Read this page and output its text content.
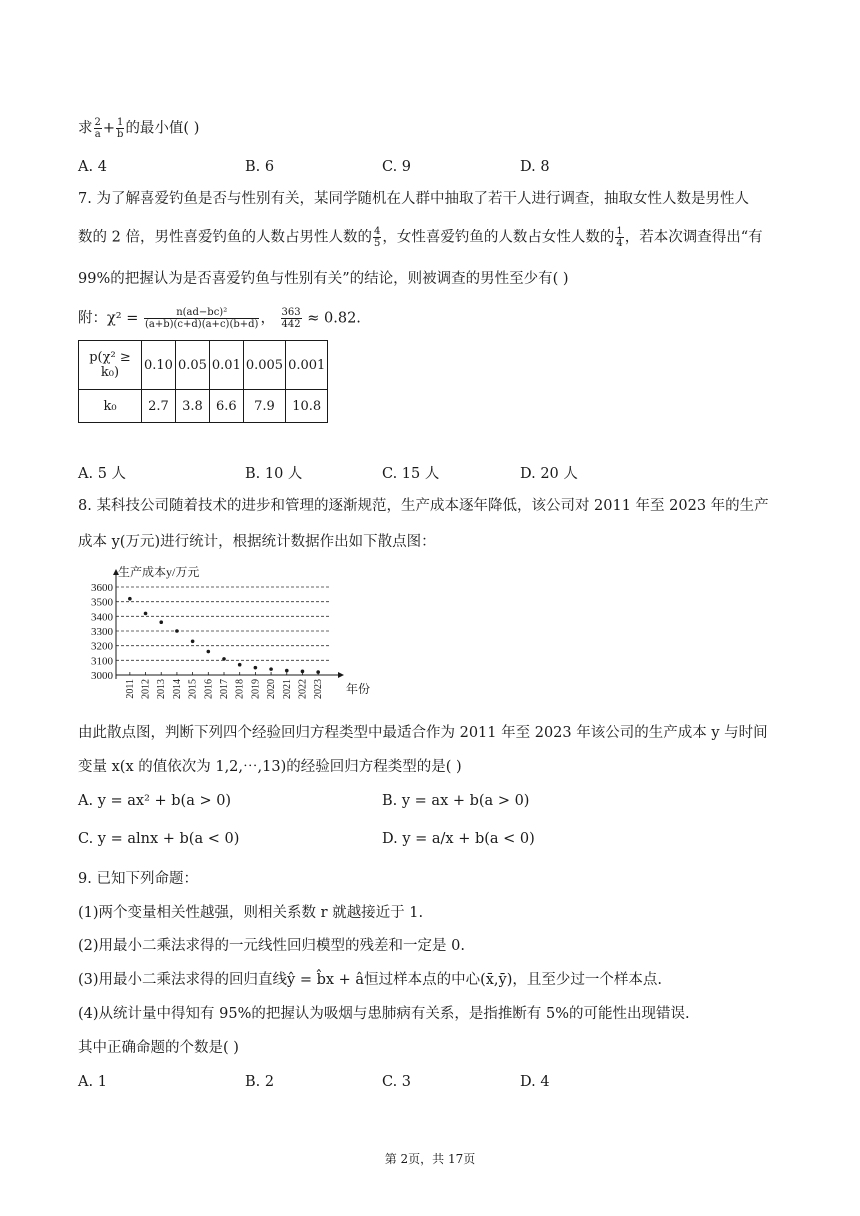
求 $\frac{2}{a} + \frac{1}{b}$ 的最小值( )
A. 4	B. 6	C. 9	D. 8
7. 为了解喜爱钓鱼是否与性别有关，某同学随机在人群中抽取了若干人进行调查，抽取女性人数是男性人
数的 2 倍，男性喜爱钓鱼的人数占男性人数的 $\frac{4}{5}$ ，女性喜爱钓鱼的人数占女性人数的 $\frac{1}{4}$ ，若本次调查得出“有
99%的把握认为是否喜爱钓鱼与性别有关”的结论，则被调查的男性至少有( )
附：$\chi^2 = \frac{\text{n(ad−bc)²}}{(a+b)(c+d)(a+c)(b+d)}$ ， $\frac{363}{442} \approx 0.82$.
p(χ² ≥ k₀)	0.10	0.05	0.01	0.005	0.001
k₀	2.7	3.8	6.6	7.9	10.8
A. 5 人	B. 10 人	C. 15 人	D. 20 人
8. 某科技公司随着技术的进步和管理的逐渐规范，生产成本逐年降低，该公司对 2011 年至 2023 年的生产
成本 y(万元)进行统计，根据统计数据作出如下散点图：
3000
3100
3200
3300
3400
3500
3600
生产成本y/万元
年份
2011 2012 2013 2014 2015 2016 2017 2018 2019 2020 2021 2022 2023
由此散点图，判断下列四个经验回归方程类型中最适合作为 2011 年至 2023 年该公司的生产成本 y 与时间
变量 x(x 的值依次为 1,2,⋯,13)的经验回归方程类型的是( )
A. y = ax² + b(a > 0)	B. y = ax + b(a > 0)
C. y = alnx + b(a < 0)	D. y = a/x + b(a < 0)
9. 已知下列命题：
(1)两个变量相关性越强，则相关系数 r 就越接近于 1.
(2)用最小二乘法求得的一元线性回归模型的残差和一定是 0.
(3)用最小二乘法求得的回归直线ŷ = b̂x + â恒过样本点的中心(x̄,ȳ)，且至少过一个样本点.
(4)从统计量中得知有 95%的把握认为吸烟与患肺病有关系，是指推断有 5%的可能性出现错误.
其中正确命题的个数是( )
A. 1	B. 2	C. 3	D. 4
第 2页，共 17页
